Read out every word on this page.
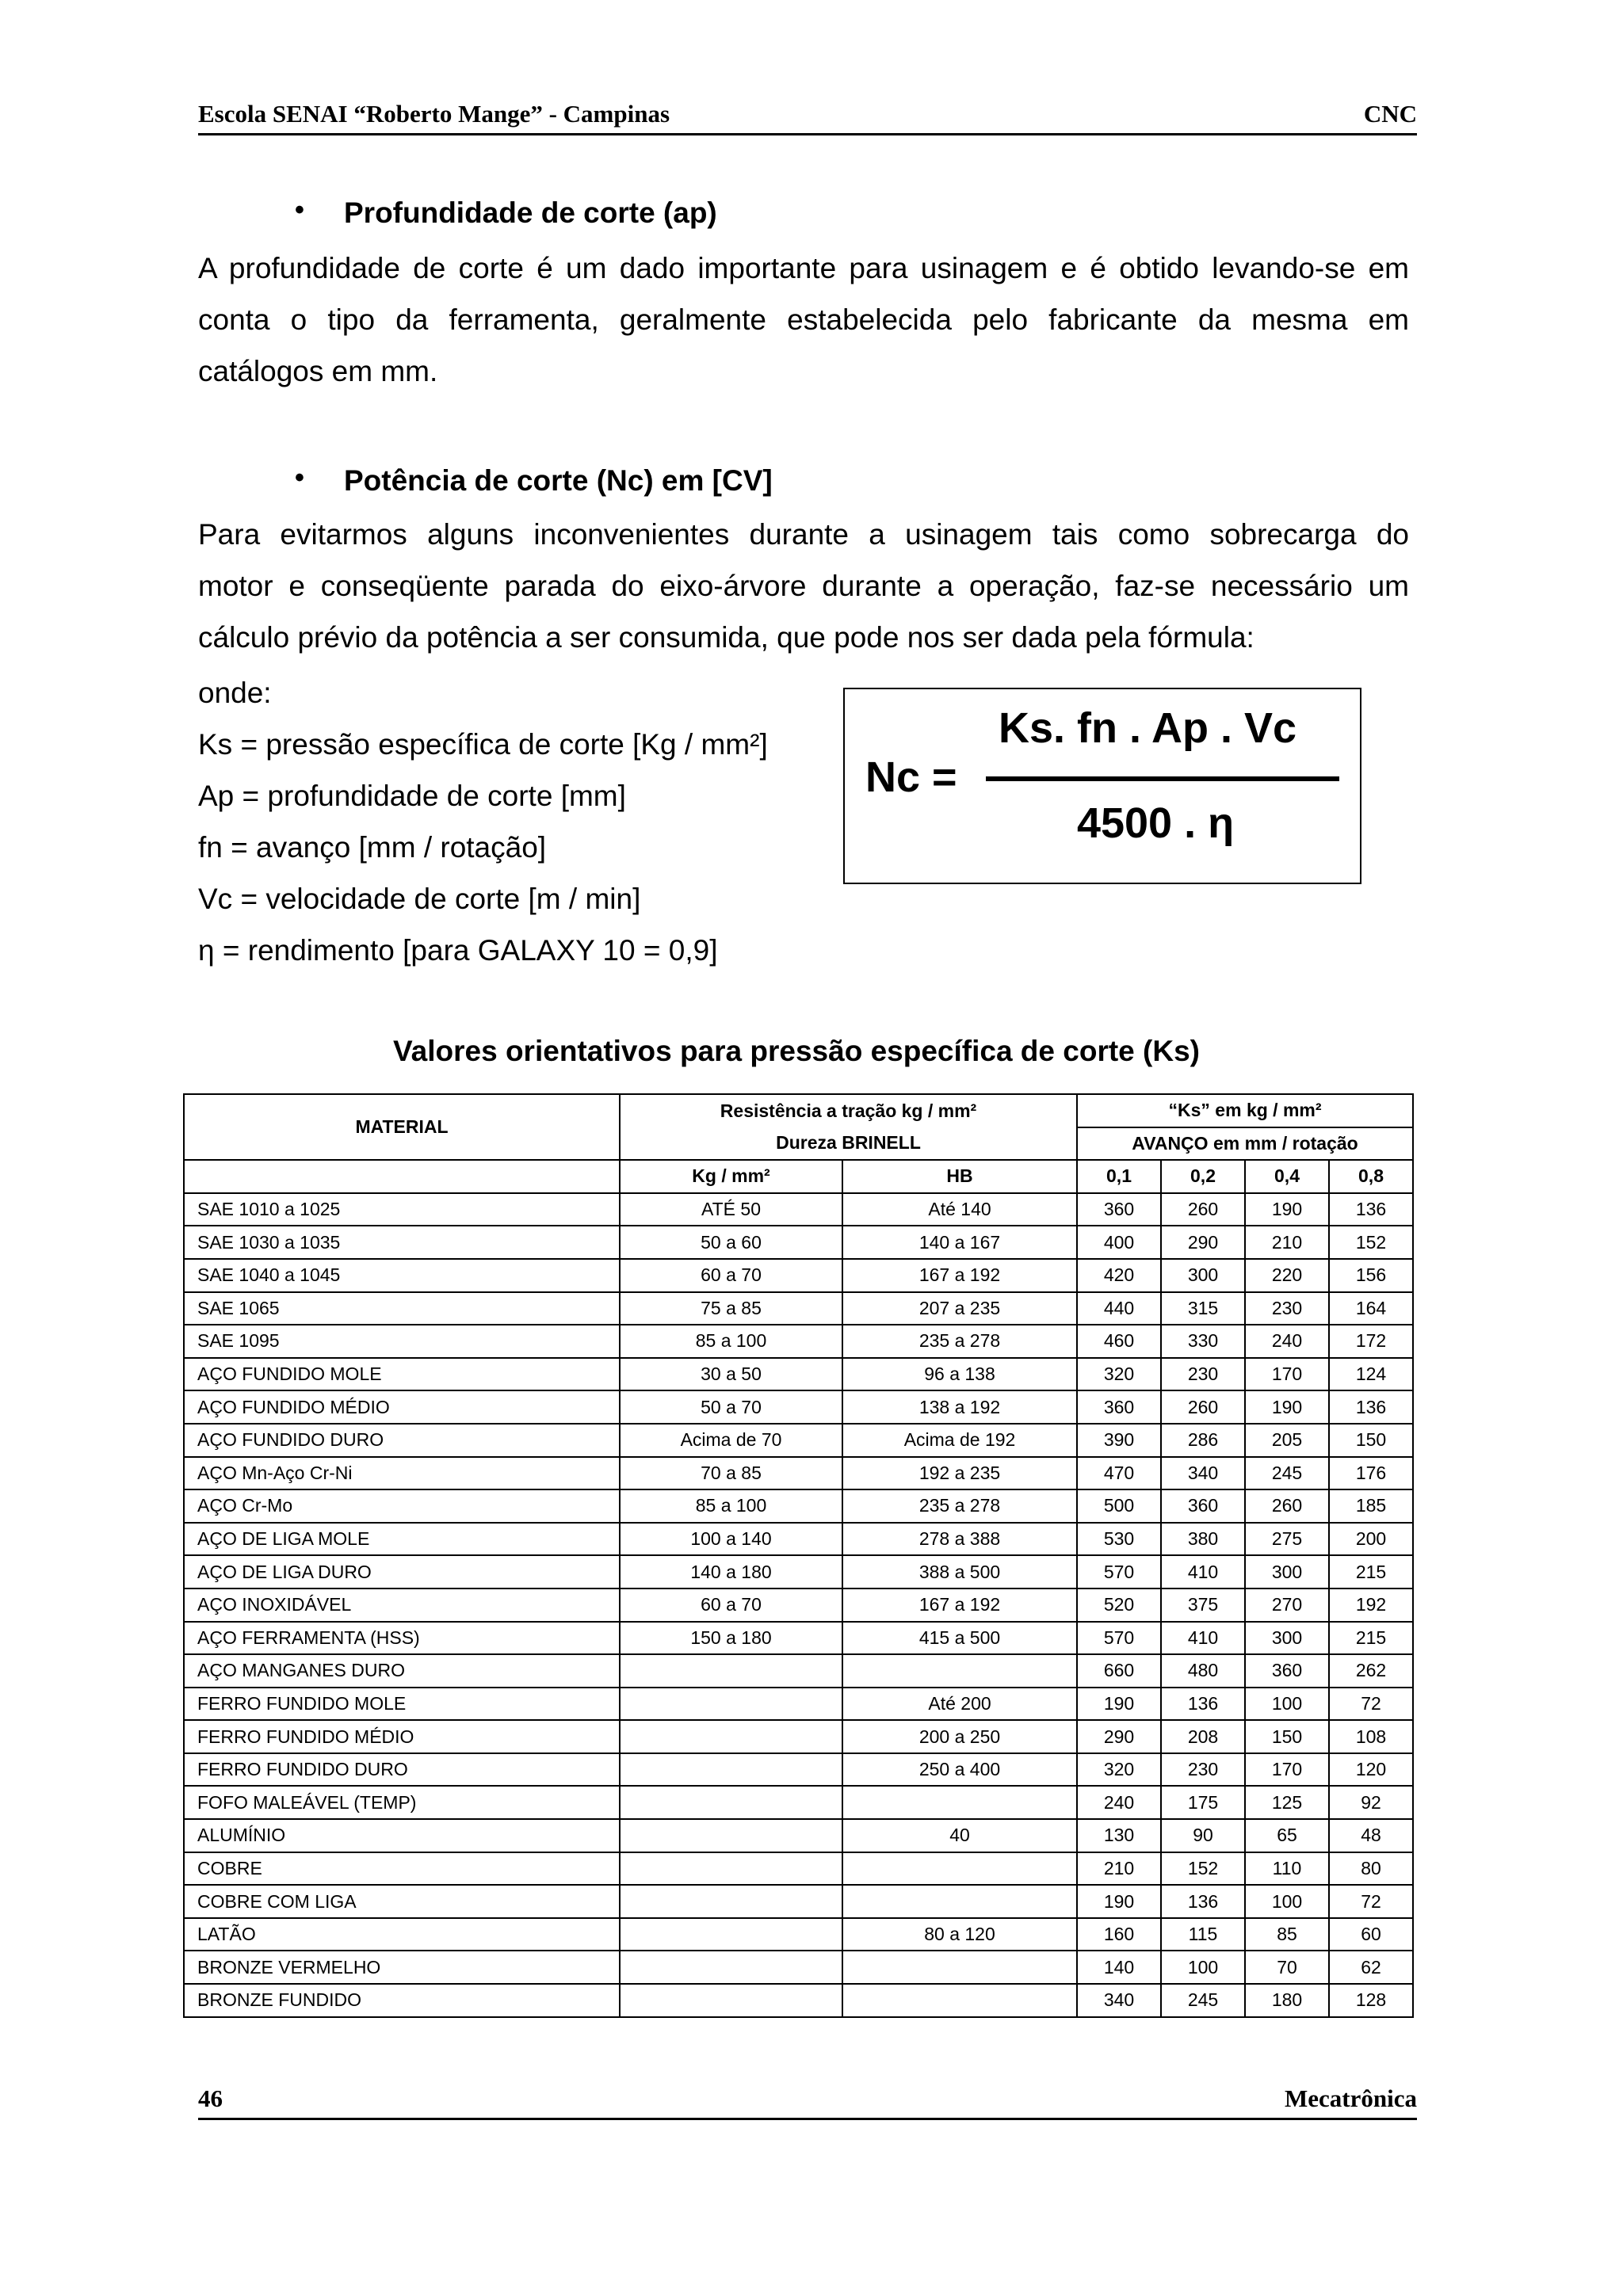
Escola SENAI “Roberto Mange” - Campinas	CNC
• Profundidade de corte (ap)
A profundidade de corte é um dado importante para usinagem e é obtido levando-se em
conta o tipo da ferramenta, geralmente estabelecida pelo fabricante da mesma em
catálogos em mm.
• Potência de corte (Nc) em [CV]
Para evitarmos alguns inconvenientes durante a usinagem tais como sobrecarga do
motor e conseqüente parada do eixo-árvore durante a operação, faz-se necessário um
cálculo prévio da potência a ser consumida, que pode nos ser dada pela fórmula:
onde:
Ks = pressão específica de corte [Kg / mm²]
Ap = profundidade de corte [mm]
fn = avanço [mm / rotação]
Vc = velocidade de corte [m / min]
η = rendimento [para GALAXY 10 = 0,9]
Nc =
Ks. fn . Ap . Vc
4500 . η
Valores orientativos para pressão específica de corte (Ks)
MATERIAL	Resistência a tração kg / mm²		“Ks” em kg / mm²			
	Dureza BRINELL		AVANÇO em mm / rotação			
	Kg / mm²	HB	0,1	0,2	0,4	0,8
SAE 1010 a 1025	ATÉ 50	Até 140	360	260	190	136
SAE 1030 a 1035	50 a 60	140 a 167	400	290	210	152
SAE 1040 a 1045	60 a 70	167 a 192	420	300	220	156
SAE 1065	75 a 85	207 a 235	440	315	230	164
SAE 1095	85 a 100	235 a 278	460	330	240	172
AÇO FUNDIDO MOLE	30 a 50	96 a 138	320	230	170	124
AÇO FUNDIDO MÉDIO	50 a 70	138 a 192	360	260	190	136
AÇO FUNDIDO DURO	Acima de 70	Acima de 192	390	286	205	150
AÇO Mn-Aço Cr-Ni	70 a 85	192 a 235	470	340	245	176
AÇO Cr-Mo	85 a 100	235 a 278	500	360	260	185
AÇO DE LIGA MOLE	100 a 140	278 a 388	530	380	275	200
AÇO DE LIGA DURO	140 a 180	388 a 500	570	410	300	215
AÇO INOXIDÁVEL	60 a 70	167 a 192	520	375	270	192
AÇO FERRAMENTA (HSS)	150 a 180	415 a 500	570	410	300	215
AÇO MANGANES DURO			660	480	360	262
FERRO FUNDIDO MOLE		Até 200	190	136	100	72
FERRO FUNDIDO MÉDIO		200 a 250	290	208	150	108
FERRO FUNDIDO DURO		250 a 400	320	230	170	120
FOFO MALEÁVEL (TEMP)			240	175	125	92
ALUMÍNIO		40	130	90	65	48
COBRE			210	152	110	80
COBRE COM LIGA			190	136	100	72
LATÃO		80 a 120	160	115	85	60
BRONZE VERMELHO			140	100	70	62
BRONZE FUNDIDO			340	245	180	128
46	Mecatrônica
